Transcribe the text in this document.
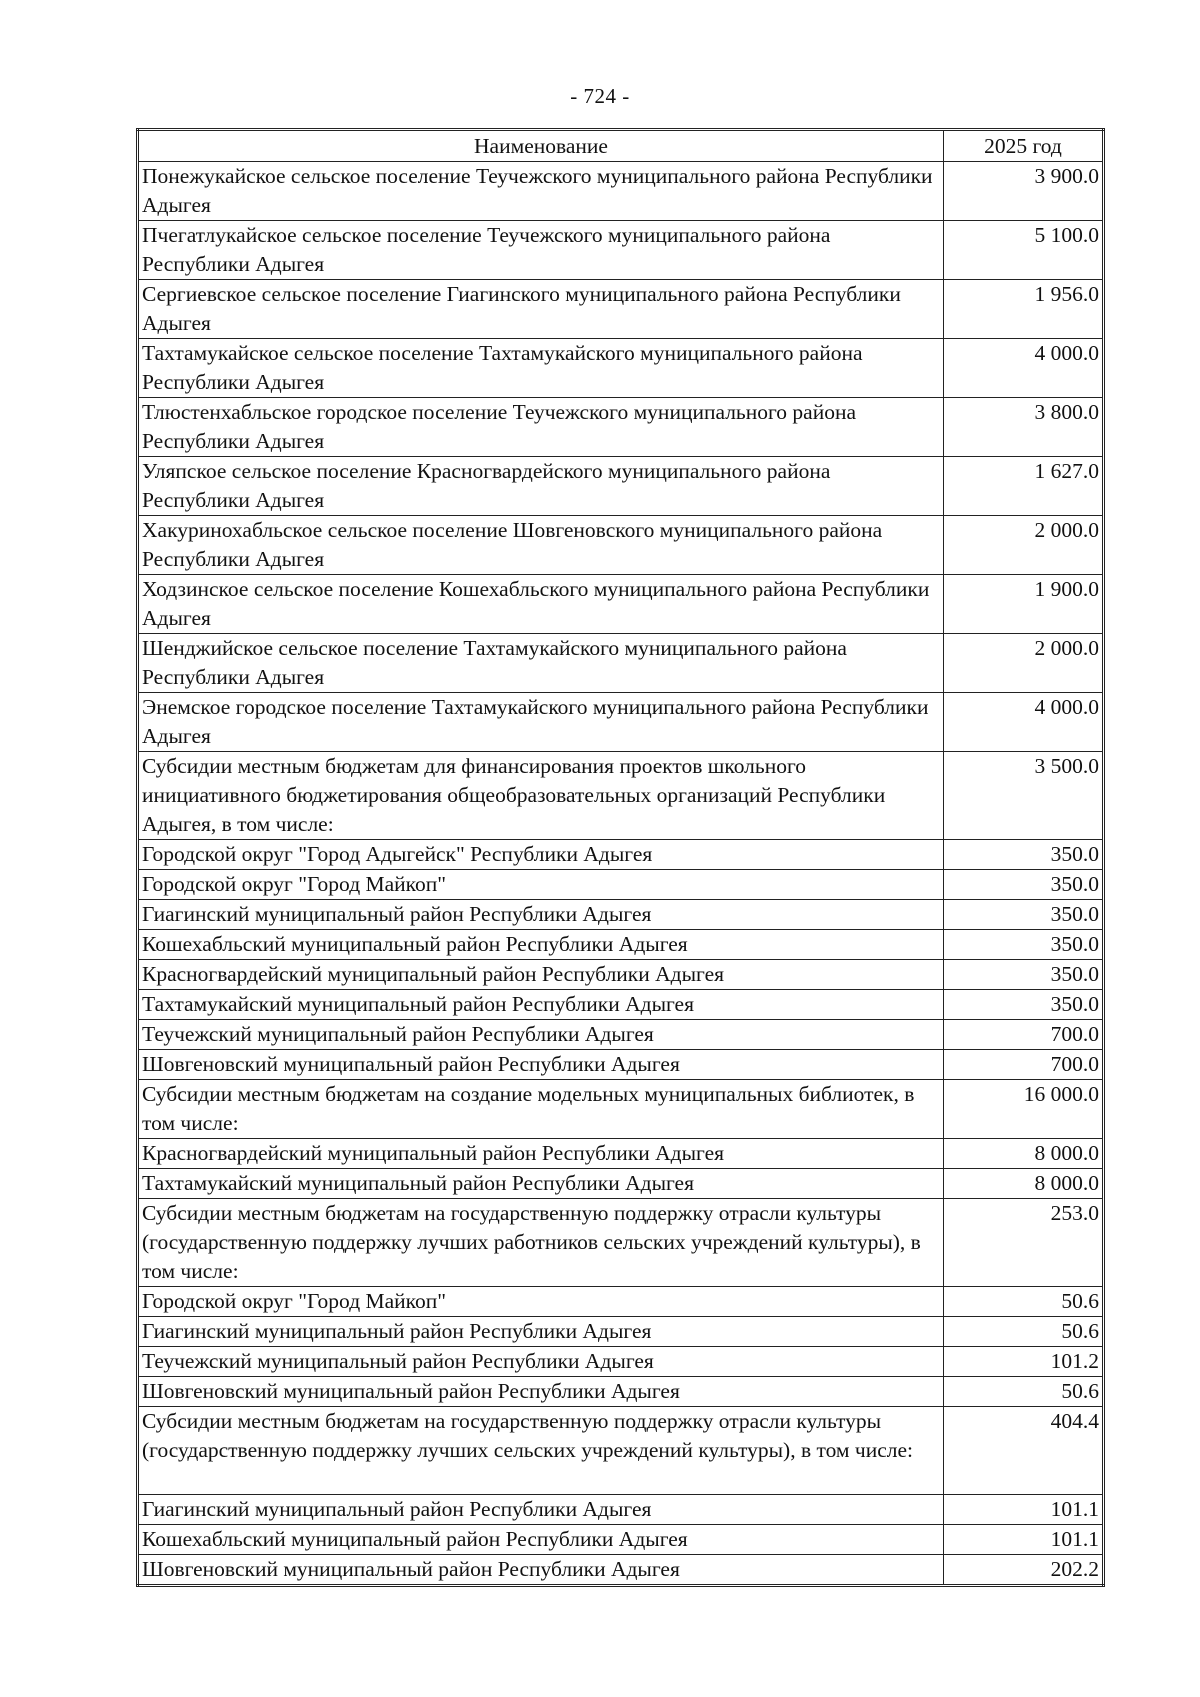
- 724 -
Наименование	2025 год
Понежукайское сельское поселение Теучежского муниципального района Республики Адыгея	3 900.0
Пчегатлукайское сельское поселение Теучежского муниципального района Республики Адыгея	5 100.0
Сергиевское сельское поселение Гиагинского муниципального района Республики Адыгея	1 956.0
Тахтамукайское сельское поселение Тахтамукайского муниципального района Республики Адыгея	4 000.0
Тлюстенхабльское городское поселение Теучежского муниципального района Республики Адыгея	3 800.0
Уляпское сельское поселение Красногвардейского муниципального района Республики Адыгея	1 627.0
Хакуринохабльское сельское поселение Шовгеновского муниципального района Республики Адыгея	2 000.0
Ходзинское сельское поселение Кошехабльского муниципального района Республики Адыгея	1 900.0
Шенджийское сельское поселение Тахтамукайского муниципального района Республики Адыгея	2 000.0
Энемское городское поселение Тахтамукайского муниципального района Республики Адыгея	4 000.0
Субсидии местным бюджетам для финансирования проектов школьного инициативного бюджетирования общеобразовательных организаций Республики Адыгея, в том числе:	3 500.0
Городской округ "Город Адыгейск" Республики Адыгея	350.0
Городской округ "Город Майкоп"	350.0
Гиагинский муниципальный район Республики Адыгея	350.0
Кошехабльский муниципальный район Республики Адыгея	350.0
Красногвардейский муниципальный район Республики Адыгея	350.0
Тахтамукайский муниципальный район Республики Адыгея	350.0
Теучежский муниципальный район Республики Адыгея	700.0
Шовгеновский муниципальный район Республики Адыгея	700.0
Субсидии местным бюджетам на создание модельных муниципальных библиотек, в том числе:	16 000.0
Красногвардейский муниципальный район Республики Адыгея	8 000.0
Тахтамукайский муниципальный район Республики Адыгея	8 000.0
Субсидии местным бюджетам на государственную поддержку отрасли культуры (государственную поддержку лучших работников сельских учреждений культуры), в том числе:	253.0
Городской округ "Город Майкоп"	50.6
Гиагинский муниципальный район Республики Адыгея	50.6
Теучежский муниципальный район Республики Адыгея	101.2
Шовгеновский муниципальный район Республики Адыгея	50.6
Субсидии местным бюджетам на государственную поддержку отрасли культуры (государственную поддержку лучших сельских учреждений культуры), в том числе:	404.4
Гиагинский муниципальный район Республики Адыгея	101.1
Кошехабльский муниципальный район Республики Адыгея	101.1
Шовгеновский муниципальный район Республики Адыгея	202.2
